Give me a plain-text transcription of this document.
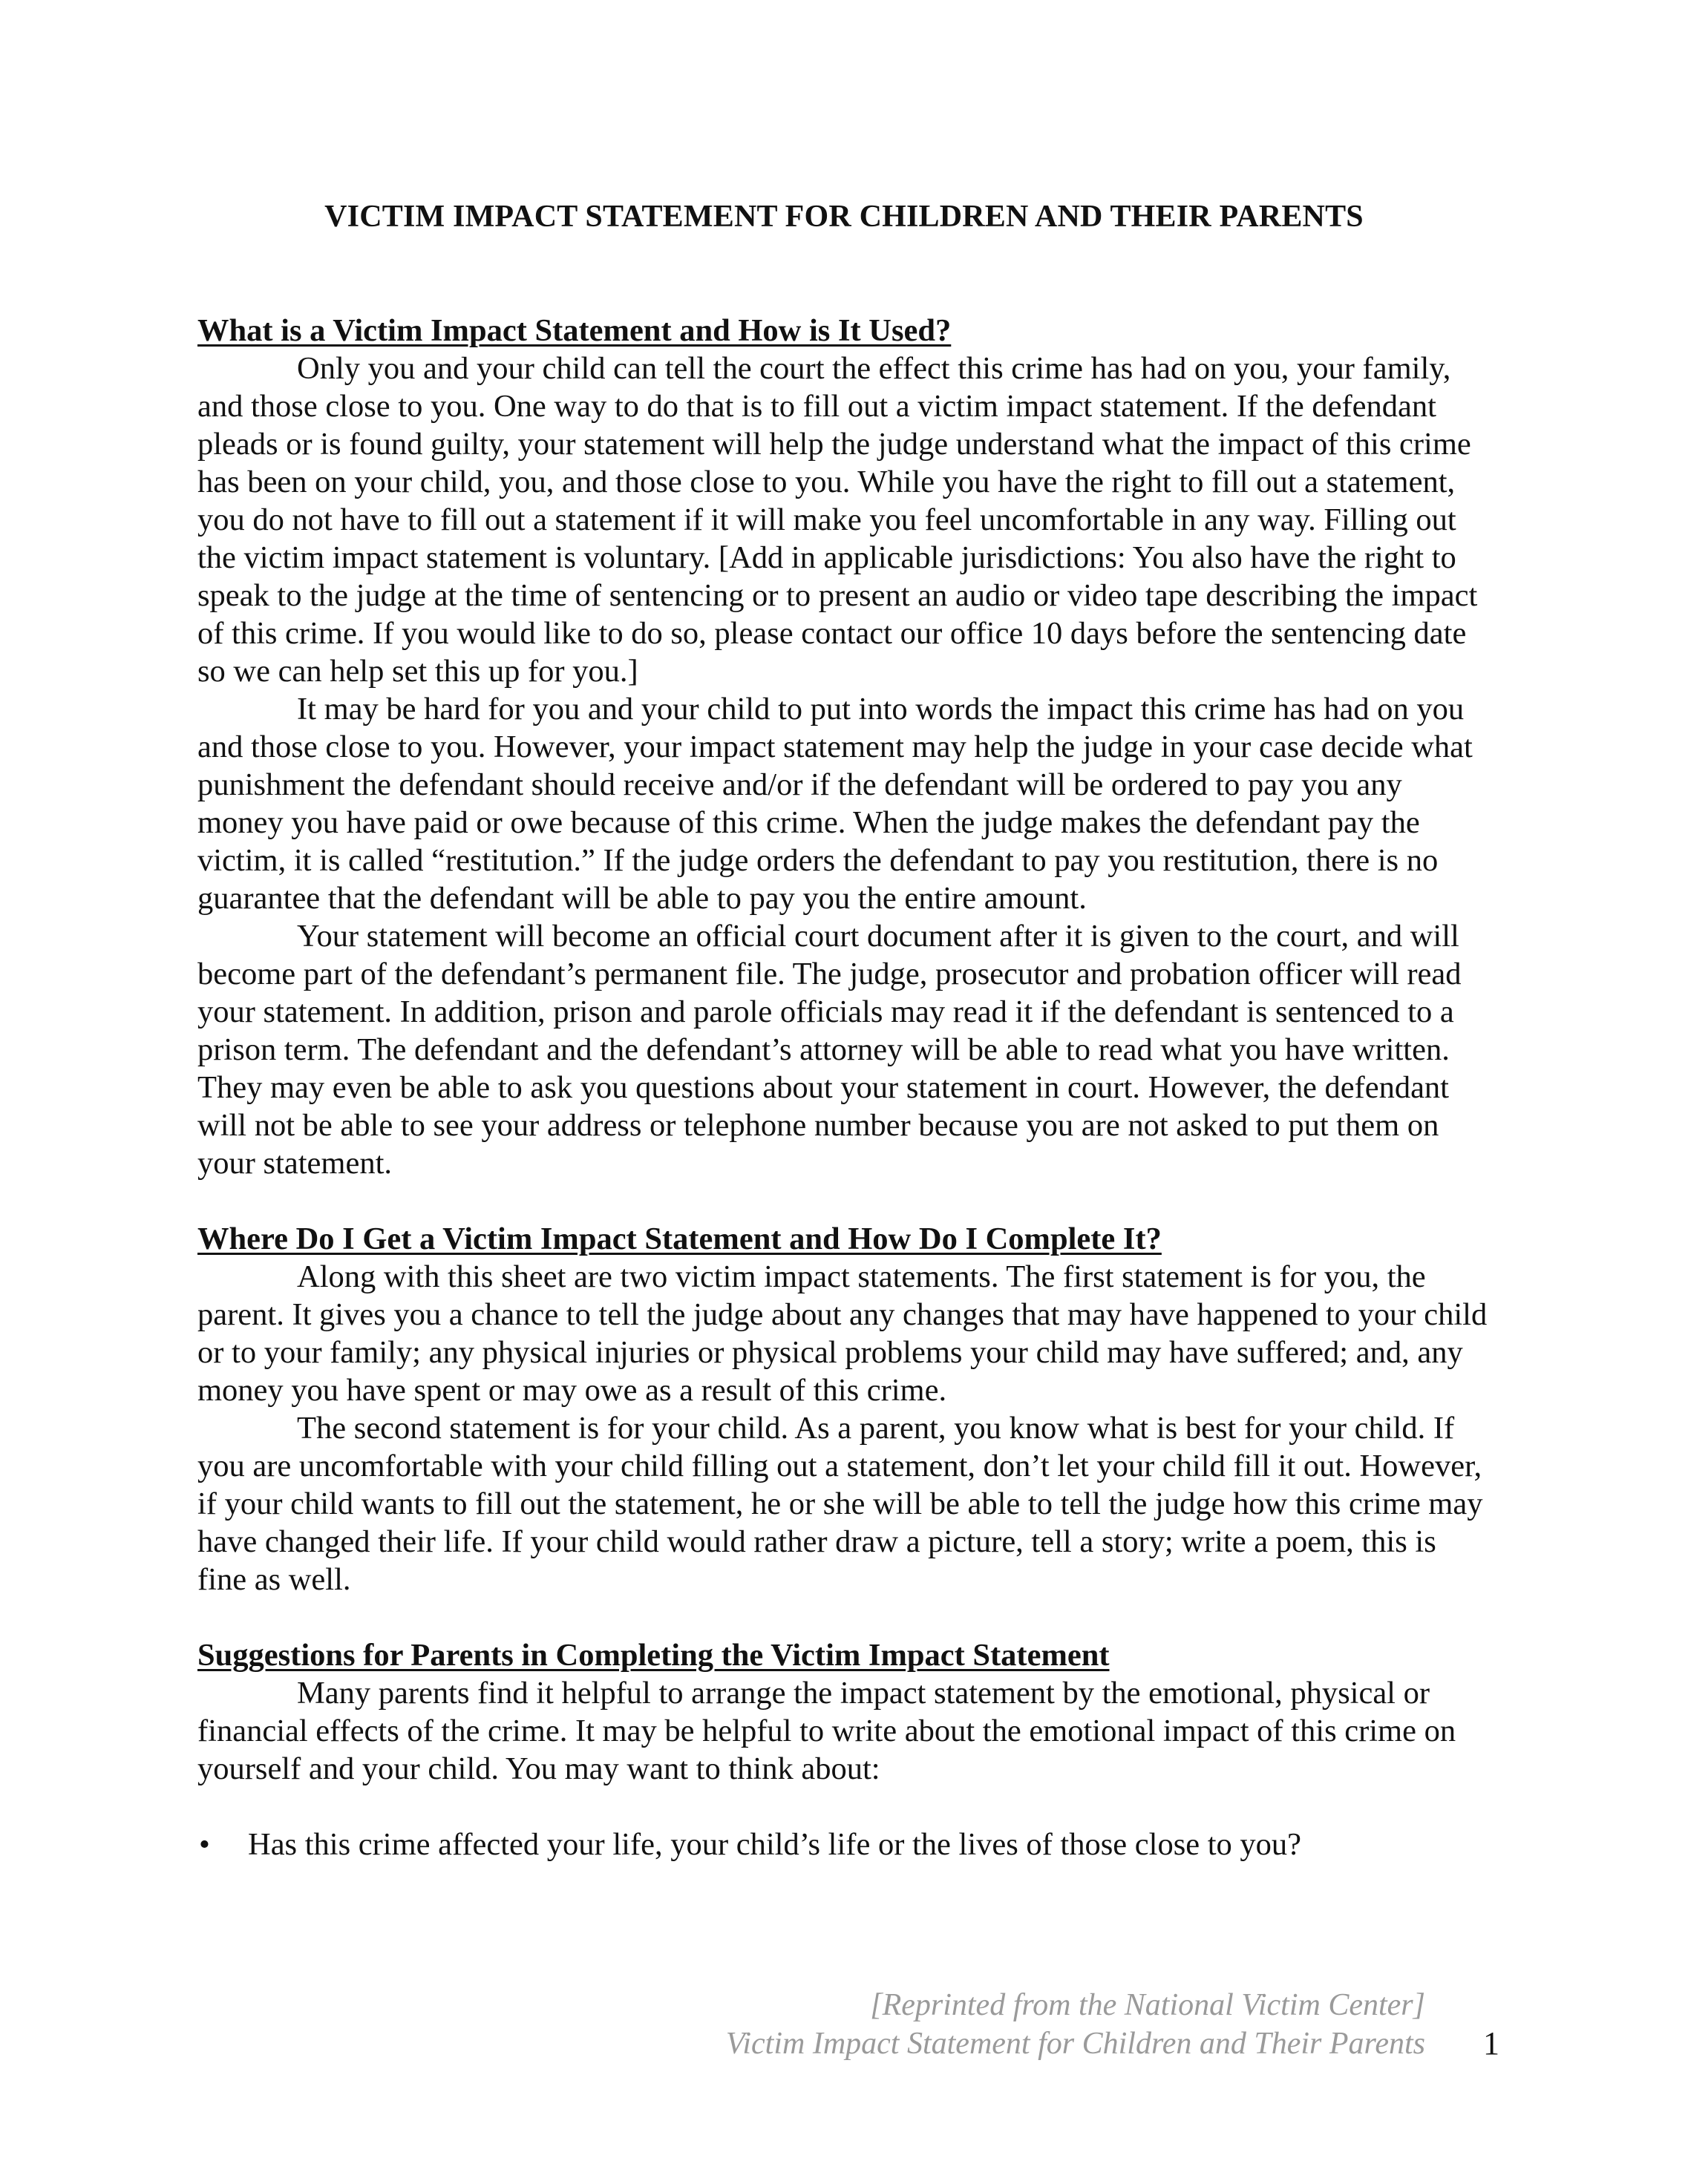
VICTIM IMPACT STATEMENT FOR CHILDREN AND THEIR PARENTS

What is a Victim Impact Statement and How is It Used?

Only you and your child can tell the court the effect this crime has had on you, your family, and those close to you. One way to do that is to fill out a victim impact statement. If the defendant pleads or is found guilty, your statement will help the judge understand what the impact of this crime has been on your child, you, and those close to you. While you have the right to fill out a statement, you do not have to fill out a statement if it will make you feel uncomfortable in any way. Filling out the victim impact statement is voluntary. [Add in applicable jurisdictions: You also have the right to speak to the judge at the time of sentencing or to present an audio or video tape describing the impact of this crime. If you would like to do so, please contact our office 10 days before the sentencing date so we can help set this up for you.]

It may be hard for you and your child to put into words the impact this crime has had on you and those close to you. However, your impact statement may help the judge in your case decide what punishment the defendant should receive and/or if the defendant will be ordered to pay you any money you have paid or owe because of this crime. When the judge makes the defendant pay the victim, it is called “restitution.” If the judge orders the defendant to pay you restitution, there is no guarantee that the defendant will be able to pay you the entire amount.

Your statement will become an official court document after it is given to the court, and will become part of the defendant’s permanent file. The judge, prosecutor and probation officer will read your statement. In addition, prison and parole officials may read it if the defendant is sentenced to a prison term. The defendant and the defendant’s attorney will be able to read what you have written. They may even be able to ask you questions about your statement in court. However, the defendant will not be able to see your address or telephone number because you are not asked to put them on your statement.

Where Do I Get a Victim Impact Statement and How Do I Complete It?

Along with this sheet are two victim impact statements. The first statement is for you, the parent. It gives you a chance to tell the judge about any changes that may have happened to your child or to your family; any physical injuries or physical problems your child may have suffered; and, any money you have spent or may owe as a result of this crime.

The second statement is for your child. As a parent, you know what is best for your child. If you are uncomfortable with your child filling out a statement, don’t let your child fill it out. However, if your child wants to fill out the statement, he or she will be able to tell the judge how this crime may have changed their life. If your child would rather draw a picture, tell a story; write a poem, this is fine as well.

Suggestions for Parents in Completing the Victim Impact Statement

Many parents find it helpful to arrange the impact statement by the emotional, physical or financial effects of the crime. It may be helpful to write about the emotional impact of this crime on yourself and your child. You may want to think about:

• Has this crime affected your life, your child’s life or the lives of those close to you?
[Reprinted from the National Victim Center]
Victim Impact Statement for Children and Their Parents	1
